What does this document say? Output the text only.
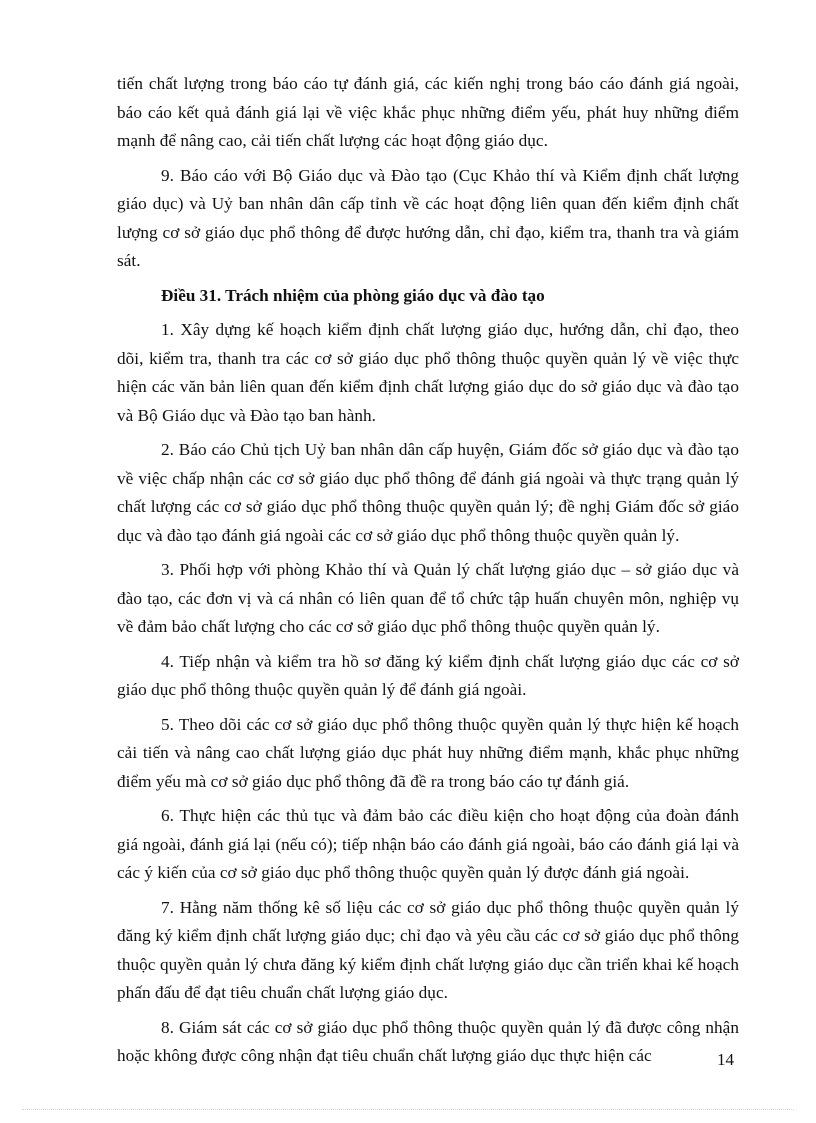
tiến chất lượng trong báo cáo tự đánh giá, các kiến nghị trong báo cáo đánh giá ngoài, báo cáo kết quả đánh giá lại về việc khắc phục những điểm yếu, phát huy những điểm mạnh để nâng cao, cải tiến chất lượng các hoạt động giáo dục.

9. Báo cáo với Bộ Giáo dục và Đào tạo (Cục Khảo thí và Kiểm định chất lượng giáo dục) và Uỷ ban nhân dân cấp tỉnh về các hoạt động liên quan đến kiểm định chất lượng cơ sở giáo dục phổ thông để được hướng dẫn, chỉ đạo, kiểm tra, thanh tra và giám sát.

Điều 31. Trách nhiệm của phòng giáo dục và đào tạo

1. Xây dựng kế hoạch kiểm định chất lượng giáo dục, hướng dẫn, chỉ đạo, theo dõi, kiểm tra, thanh tra các cơ sở giáo dục phổ thông thuộc quyền quản lý về việc thực hiện các văn bản liên quan đến kiểm định chất lượng giáo dục do sở giáo dục và đào tạo và Bộ Giáo dục và Đào tạo ban hành.

2. Báo cáo Chủ tịch Uỷ ban nhân dân cấp huyện, Giám đốc sở giáo dục và đào tạo về việc chấp nhận các cơ sở giáo dục phổ thông để đánh giá ngoài và thực trạng quản lý chất lượng các cơ sở giáo dục phổ thông thuộc quyền quản lý; đề nghị Giám đốc sở giáo dục và đào tạo đánh giá ngoài các cơ sở giáo dục phổ thông thuộc quyền quản lý.

3. Phối hợp với phòng Khảo thí và Quản lý chất lượng giáo dục – sở giáo dục và đào tạo, các đơn vị và cá nhân có liên quan để tổ chức tập huấn chuyên môn, nghiệp vụ về đảm bảo chất lượng cho các cơ sở giáo dục phổ thông thuộc quyền quản lý.

4. Tiếp nhận và kiểm tra hồ sơ đăng ký kiểm định chất lượng giáo dục các cơ sở giáo dục phổ thông thuộc quyền quản lý để đánh giá ngoài.

5. Theo dõi các cơ sở giáo dục phổ thông thuộc quyền quản lý thực hiện kế hoạch cải tiến và nâng cao chất lượng giáo dục phát huy những điểm mạnh, khắc phục những điểm yếu mà cơ sở giáo dục phổ thông đã đề ra trong báo cáo tự đánh giá.

6. Thực hiện các thủ tục và đảm bảo các điều kiện cho hoạt động của đoàn đánh giá ngoài, đánh giá lại (nếu có); tiếp nhận báo cáo đánh giá ngoài, báo cáo đánh giá lại và các ý kiến của cơ sở giáo dục phổ thông thuộc quyền quản lý được đánh giá ngoài.

7. Hằng năm thống kê số liệu các cơ sở giáo dục phổ thông thuộc quyền quản lý đăng ký kiểm định chất lượng giáo dục; chỉ đạo và yêu cầu các cơ sở giáo dục phổ thông thuộc quyền quản lý chưa đăng ký kiểm định chất lượng giáo dục cần triển khai kế hoạch phấn đấu để đạt tiêu chuẩn chất lượng giáo dục.

8. Giám sát các cơ sở giáo dục phổ thông thuộc quyền quản lý đã được công nhận hoặc không được công nhận đạt tiêu chuẩn chất lượng giáo dục thực hiện các	14
